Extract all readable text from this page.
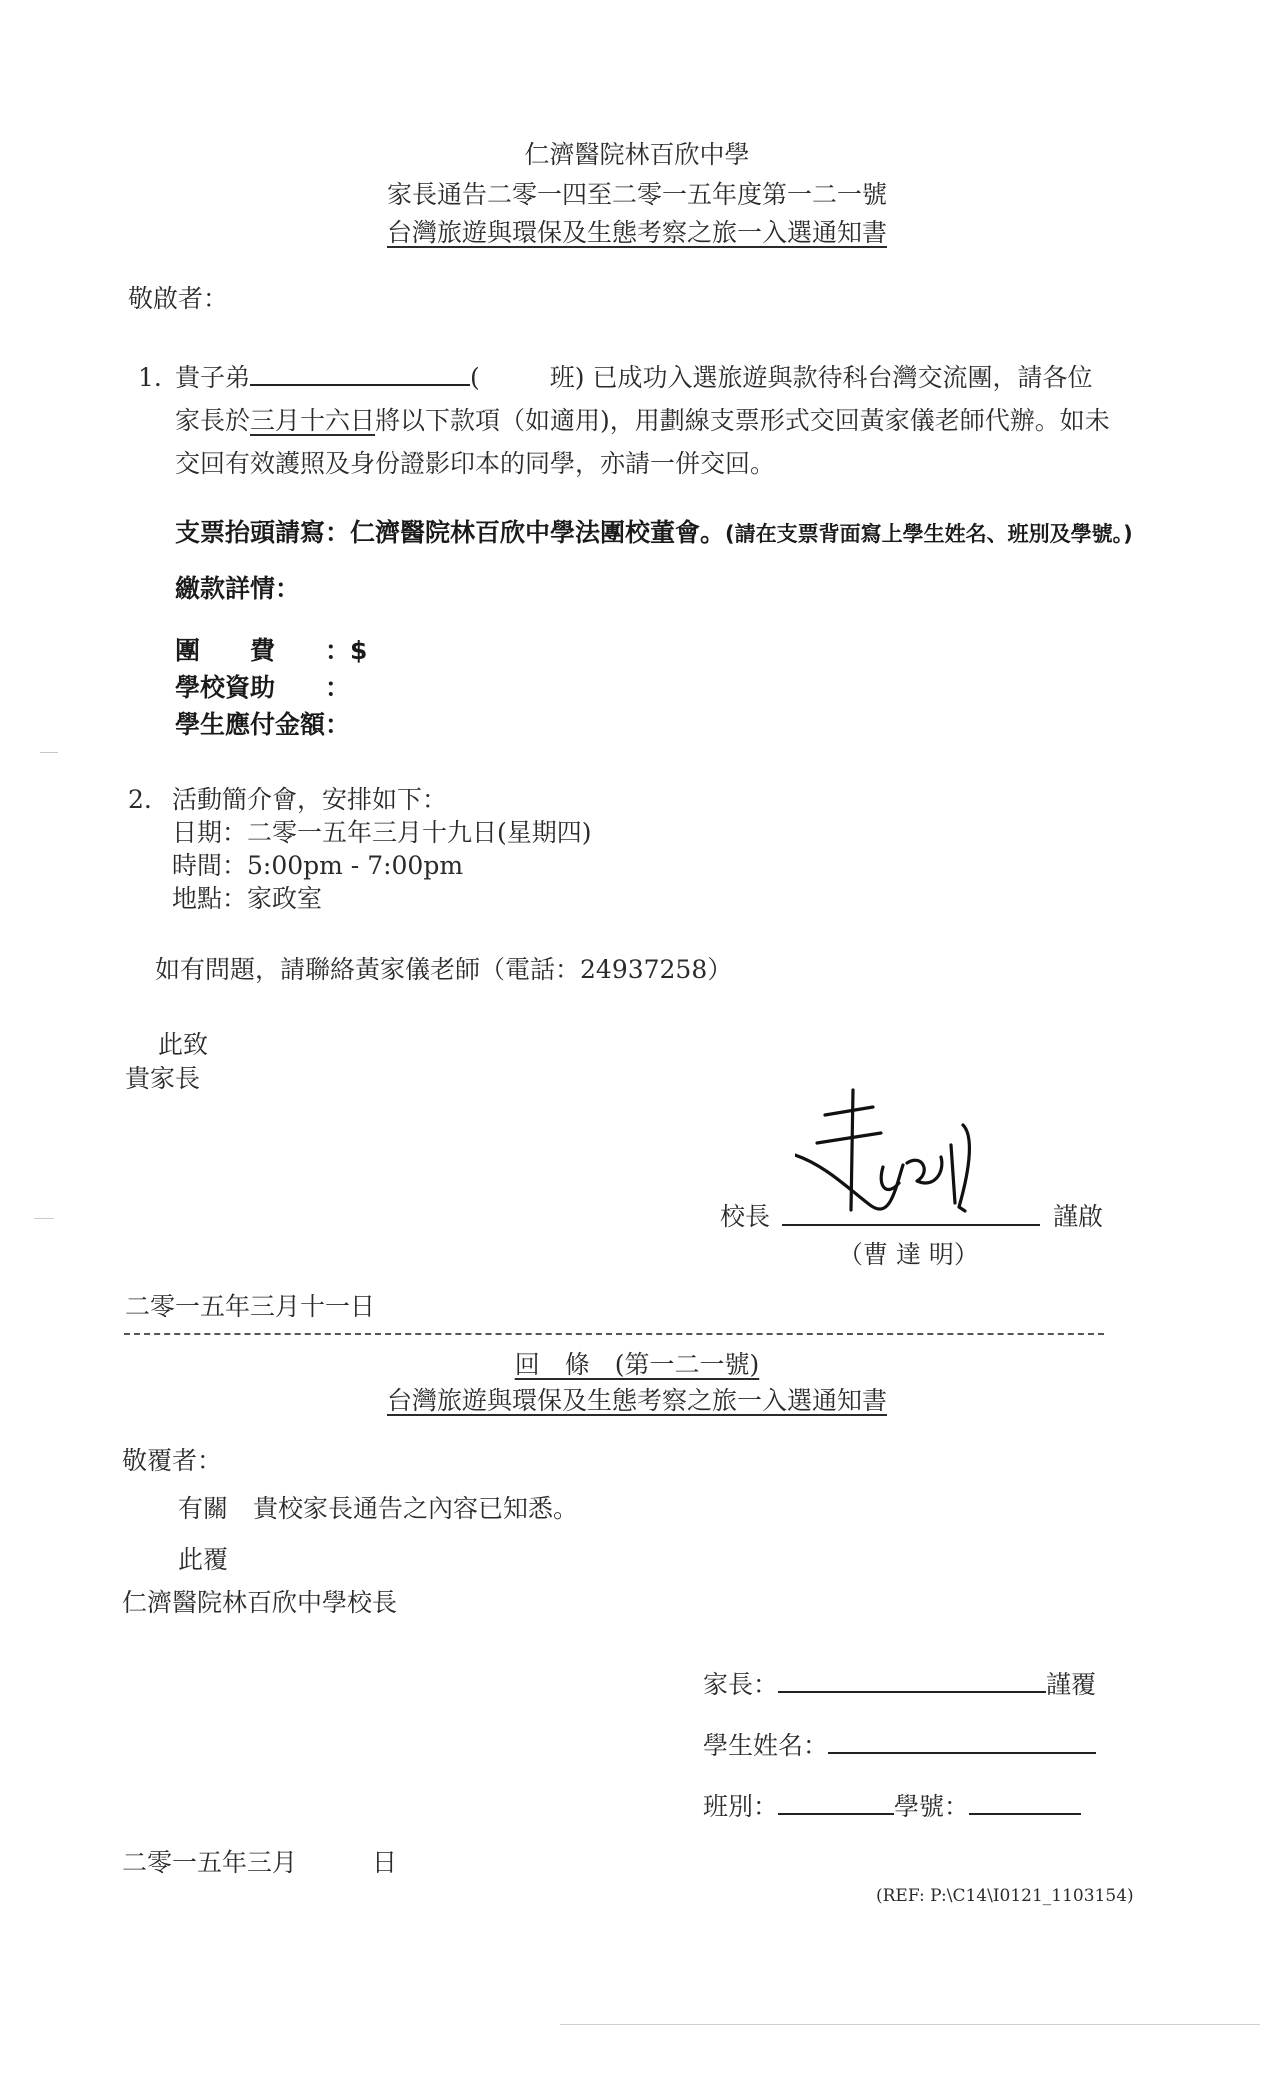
仁濟醫院林百欣中學
家長通告二零一四至二零一五年度第一二一號
台灣旅遊與環保及生態考察之旅一入選通知書
敬啟者：
1. 貴子弟	(	班) 已成功入選旅遊與款待科台灣交流團，請各位
家長於三月十六日將以下款項（如適用)，用劃線支票形式交回黃家儀老師代辦。如未
交回有效護照及身份證影印本的同學，亦請一併交回。
支票抬頭請寫：仁濟醫院林百欣中學法團校董會。(請在支票背面寫上學生姓名、班別及學號。)
繳款詳情：
團　　費 ：$
學校資助 ：
學生應付金額：
2. 活動簡介會，安排如下：
日期：二零一五年三月十九日(星期四)
時間：5:00pm - 7:00pm
地點：家政室
如有問題，請聯絡黃家儀老師（電話：24937258）
此致
貴家長
校長	謹啟
（曹 達 明）
二零一五年三月十一日
回　條　(第一二一號)
台灣旅遊與環保及生態考察之旅一入選通知書
敬覆者：
有關　貴校家長通告之內容已知悉。
此覆
仁濟醫院林百欣中學校長
家長：	謹覆
學生姓名：
班別：	學號：
二零一五年三月　　　日
(REF: P:\C14\I0121_1103154)
